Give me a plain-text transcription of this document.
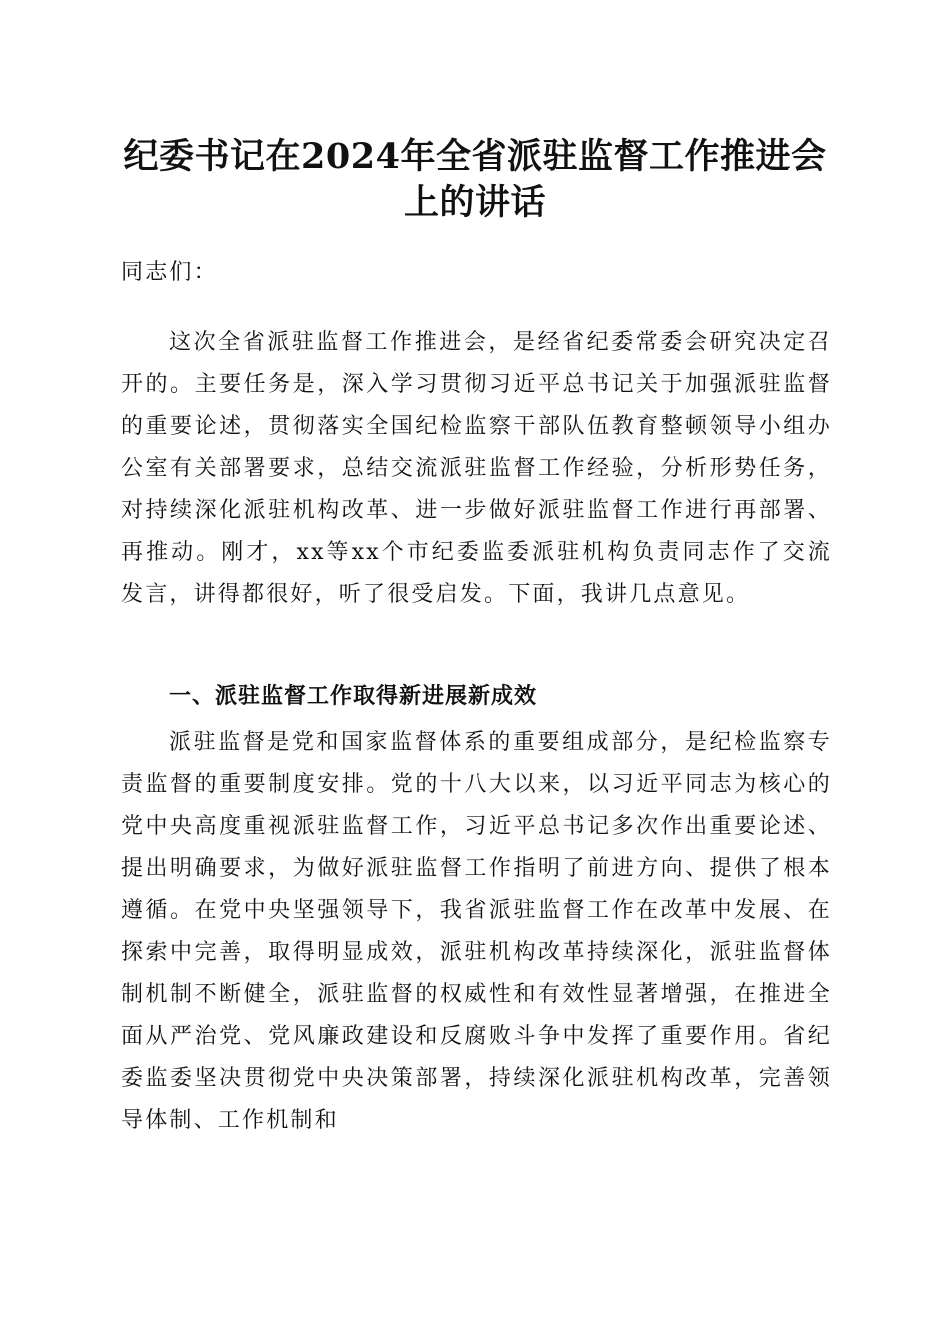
纪委书记在2024年全省派驻监督工作推进会
上的讲话
同志们：
这次全省派驻监督工作推进会，是经省纪委常委会研究决定召开的。主要任务是，深入学习贯彻习近平总书记关于加强派驻监督的重要论述，贯彻落实全国纪检监察干部队伍教育整顿领导小组办公室有关部署要求，总结交流派驻监督工作经验，分析形势任务，对持续深化派驻机构改革、进一步做好派驻监督工作进行再部署、再推动。刚才，xx等xx个市纪委监委派驻机构负责同志作了交流发言，讲得都很好，听了很受启发。下面，我讲几点意见。
一、派驻监督工作取得新进展新成效
派驻监督是党和国家监督体系的重要组成部分，是纪检监察专责监督的重要制度安排。党的十八大以来，以习近平同志为核心的党中央高度重视派驻监督工作，习近平总书记多次作出重要论述、提出明确要求，为做好派驻监督工作指明了前进方向、提供了根本遵循。在党中央坚强领导下，我省派驻监督工作在改革中发展、在探索中完善，取得明显成效，派驻机构改革持续深化，派驻监督体制机制不断健全，派驻监督的权威性和有效性显著增强，在推进全面从严治党、党风廉政建设和反腐败斗争中发挥了重要作用。省纪委监委坚决贯彻党中央决策部署，持续深化派驻机构改革，完善领导体制、工作机制和
